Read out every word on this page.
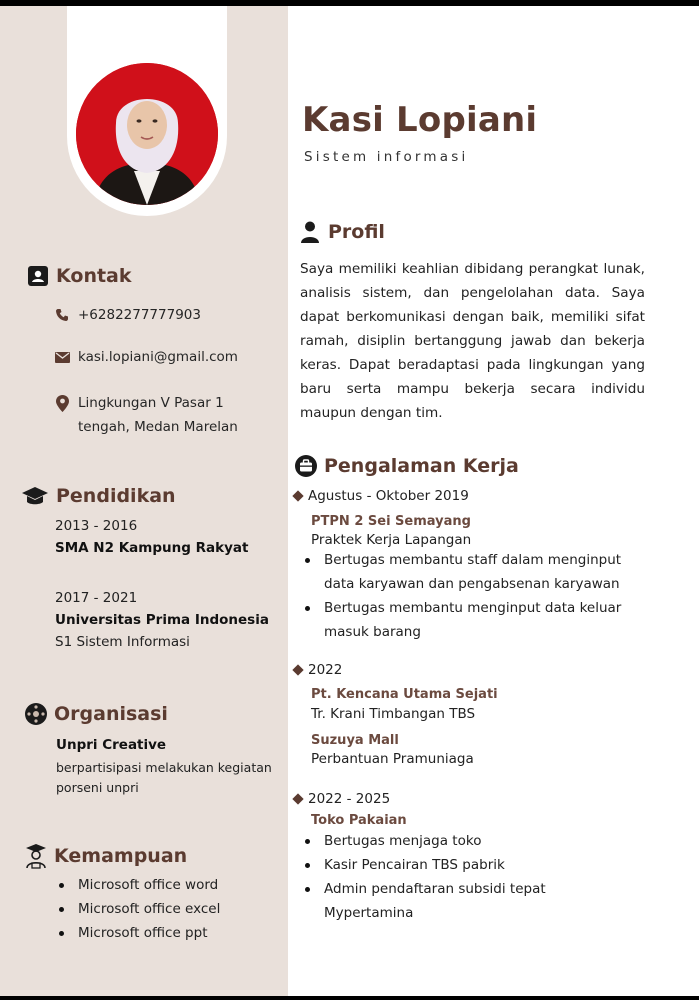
Kontak
+6282277777903
kasi.lopiani@gmail.com
Lingkungan V Pasar 1
tengah, Medan Marelan
Pendidikan
2013 - 2016
SMA N2 Kampung Rakyat
2017 - 2021
Universitas Prima Indonesia
S1 Sistem Informasi
Organisasi
Unpri Creative
berpartisipasi melakukan kegiatan
porseni unpri
Kemampuan
Microsoft office word
Microsoft office excel
Microsoft office ppt
Kasi Lopiani
Sistem informasi
Profil
Saya memiliki keahlian dibidang perangkat lunak, analisis sistem, dan pengelolahan data. Saya dapat berkomunikasi dengan baik, memiliki sifat ramah, disiplin bertanggung jawab dan bekerja keras. Dapat beradaptasi pada lingkungan yang baru serta mampu bekerja secara individu maupun dengan tim.
Pengalaman Kerja
Agustus - Oktober 2019
PTPN 2 Sei Semayang
Praktek Kerja Lapangan
Bertugas membantu staff dalam menginput
data karyawan dan pengabsenan karyawan
Bertugas membantu menginput data keluar
masuk barang
2022
Pt. Kencana Utama Sejati
Tr. Krani Timbangan TBS
Suzuya Mall
Perbantuan Pramuniaga
2022 - 2025
Toko Pakaian
Bertugas menjaga toko
Kasir Pencairan TBS pabrik
Admin pendaftaran subsidi tepat
Mypertamina
